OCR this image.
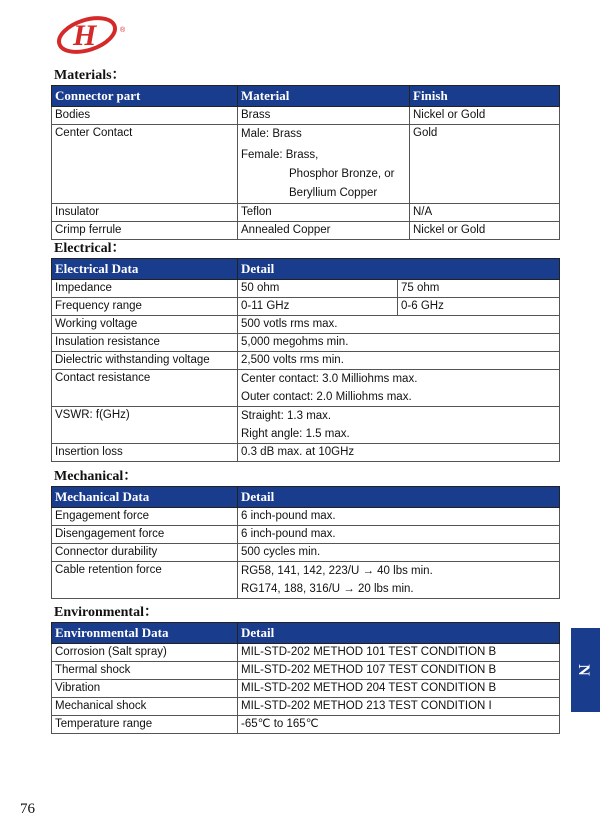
H	®
Materials：
Connector part	Material	Finish
Bodies	Brass	Nickel or Gold
Center Contact	Male: Brass
Female: Brass,
Phosphor Bronze, or
Beryllium Copper	Gold
Insulator	Teflon	N/A
Crimp ferrule	Annealed Copper	Nickel or Gold
Electrical：
Electrical Data	Detail	
Impedance	50 ohm	75 ohm
Frequency range	0-11 GHz	0-6 GHz
Working voltage	500 votls rms max.	
Insulation resistance	5,000 megohms min.	
Dielectric withstanding voltage	2,500 volts rms min.	
Contact resistance	Center contact: 3.0 Milliohms max.
Outer contact: 2.0 Milliohms max.	

VSWR: f(GHz)	Straight: 1.3 max.
Right angle: 1.5 max.	

Insertion loss	0.3 dB max. at 10GHz	
Mechanical：
Mechanical Data	Detail
Engagement force	6 inch-pound max.
Disengagement force	6 inch-pound max.
Connector durability	500 cycles min.
Cable retention force	RG58, 141, 142, 223/U → 40 lbs min.
RG174, 188, 316/U → 20 lbs min.
Environmental：
Environmental Data	Detail
Corrosion (Salt spray)	MIL-STD-202 METHOD 101 TEST CONDITION B
Thermal shock	MIL-STD-202 METHOD 107 TEST CONDITION B
Vibration	MIL-STD-202 METHOD 204 TEST CONDITION B
Mechanical shock	MIL-STD-202 METHOD 213 TEST CONDITION I
Temperature range	-65℃ to 165℃
N
76
